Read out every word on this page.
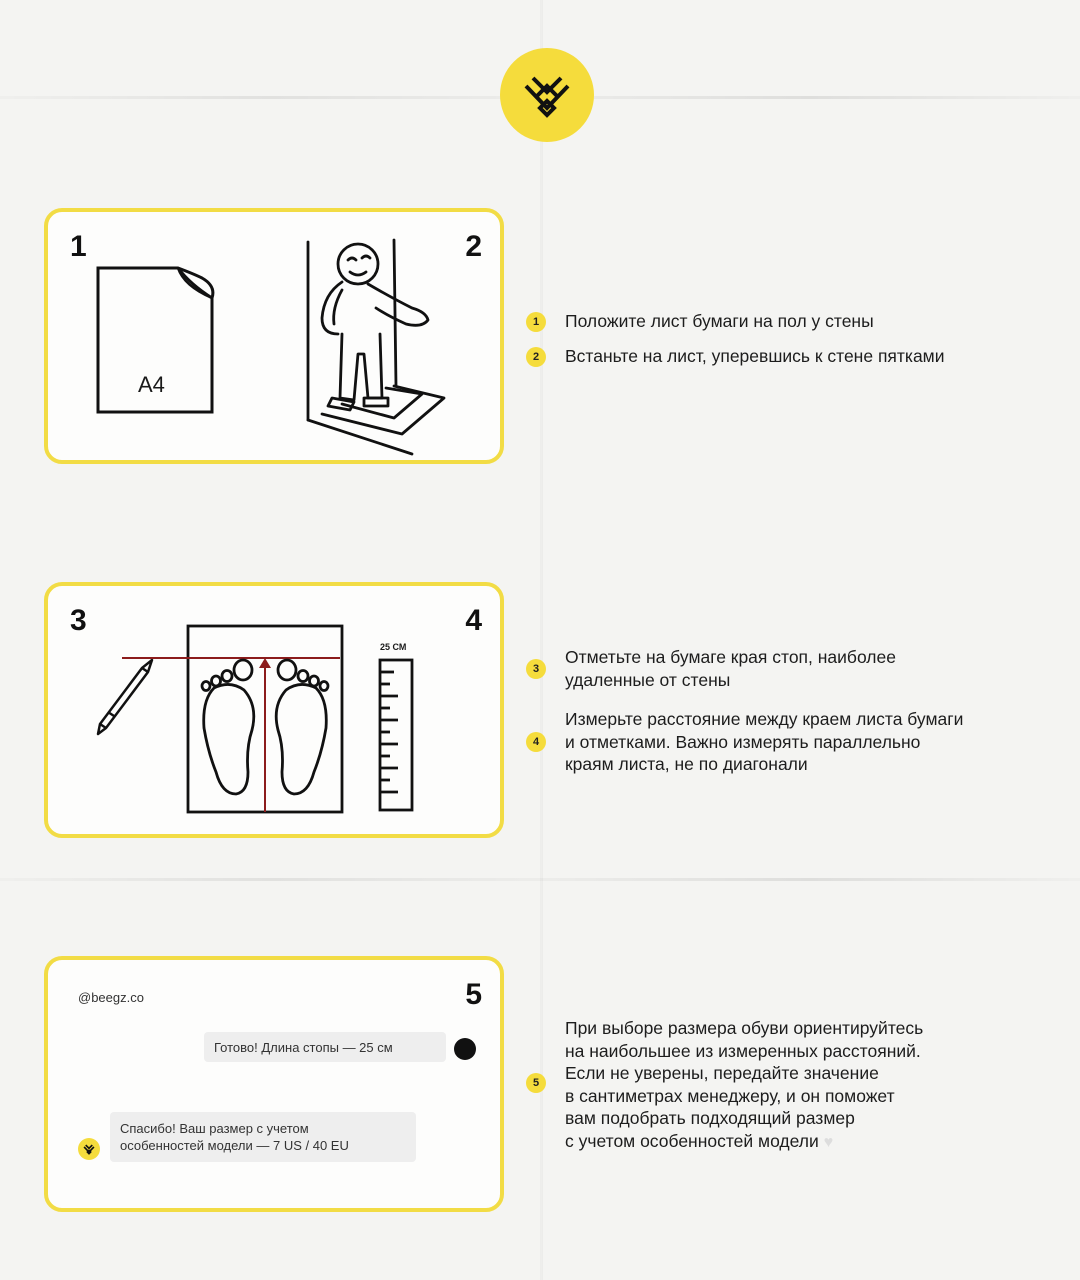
1	2
A4
1	Положите лист бумаги на пол у стены
2	Встаньте на лист, уперевшись к стене пятками
3	4
25 СМ
3
Отметьте на бумаге края стоп, наиболее
удаленные от стены
4
Измерьте расстояние между краем листа бумаги
и отметками. Важно измерять параллельно
краям листа, не по диагонали
@beegz.co	5
Готово! Длина стопы — 25 см
Спасибо! Ваш размер с учетом
особенностей модели — 7 US / 40 EU
5
При выборе размера обуви ориентируйтесь
на наибольшее из измеренных расстояний.
Если не уверены, передайте значение
в сантиметрах менеджеру, и он поможет
вам подобрать подходящий размер
с учетом особенностей модели ♥
